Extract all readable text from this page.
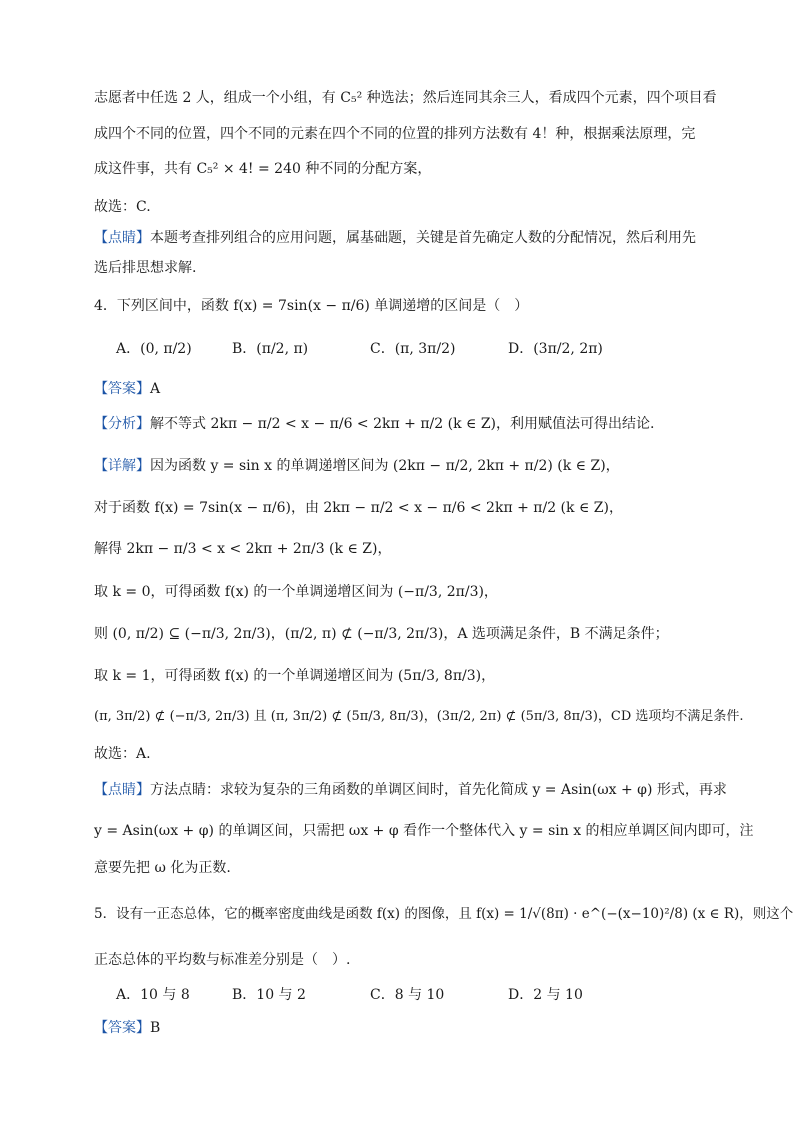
志愿者中任选 2 人，组成一个小组，有 C₅² 种选法；然后连同其余三人，看成四个元素，四个项目看
成四个不同的位置，四个不同的元素在四个不同的位置的排列方法数有 4！种，根据乘法原理，完
成这件事，共有 C₅² × 4! = 240 种不同的分配方案，
故选：C.
【点睛】本题考查排列组合的应用问题，属基础题，关键是首先确定人数的分配情况，然后利用先
选后排思想求解.
4．下列区间中，函数 f(x) = 7sin(x − π/6) 单调递增的区间是（　）
A．(0, π/2)	B．(π/2, π)	C．(π, 3π/2)	D．(3π/2, 2π)
【答案】A
【分析】解不等式 2kπ − π/2 < x − π/6 < 2kπ + π/2 (k ∈ Z)，利用赋值法可得出结论.
【详解】因为函数 y = sin x 的单调递增区间为 (2kπ − π/2, 2kπ + π/2) (k ∈ Z)，
对于函数 f(x) = 7sin(x − π/6)，由 2kπ − π/2 < x − π/6 < 2kπ + π/2 (k ∈ Z)，
解得 2kπ − π/3 < x < 2kπ + 2π/3 (k ∈ Z)，
取 k = 0，可得函数 f(x) 的一个单调递增区间为 (−π/3, 2π/3)，
则 (0, π/2) ⊆ (−π/3, 2π/3)，(π/2, π) ⊄ (−π/3, 2π/3)，A 选项满足条件，B 不满足条件；
取 k = 1，可得函数 f(x) 的一个单调递增区间为 (5π/3, 8π/3)，
(π, 3π/2) ⊄ (−π/3, 2π/3) 且 (π, 3π/2) ⊄ (5π/3, 8π/3)，(3π/2, 2π) ⊄ (5π/3, 8π/3)，CD 选项均不满足条件.
故选：A.
【点睛】方法点睛：求较为复杂的三角函数的单调区间时，首先化简成 y = Asin(ωx + φ) 形式，再求
y = Asin(ωx + φ) 的单调区间，只需把 ωx + φ 看作一个整体代入 y = sin x 的相应单调区间内即可，注
意要先把 ω 化为正数.
5．设有一正态总体，它的概率密度曲线是函数 f(x) 的图像，且 f(x) = 1/√(8π) · e^(−(x−10)²/8) (x ∈ R)，则这个
正态总体的平均数与标准差分别是（　）.
A．10 与 8	B．10 与 2	C．8 与 10	D．2 与 10
【答案】B
